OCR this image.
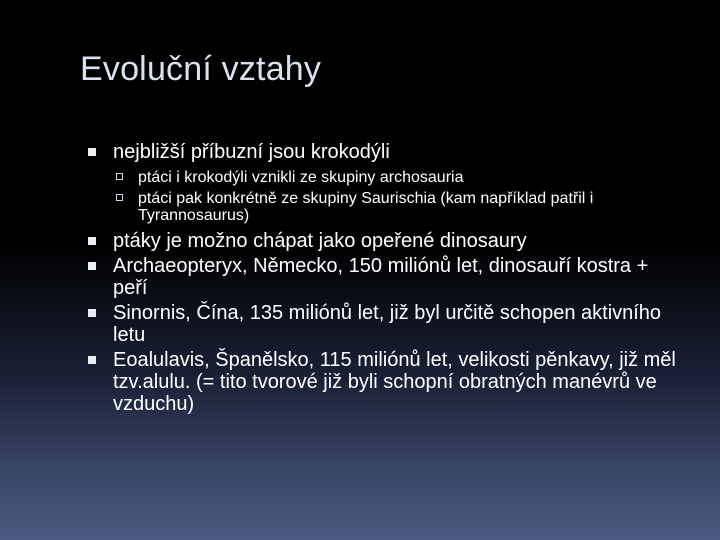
Evoluční vztahy
nejbližší příbuzní jsou krokodýli
ptáci i krokodýli vznikli ze skupiny archosauria
ptáci pak konkrétně ze skupiny Saurischia (kam například patřil i Tyrannosaurus)
ptáky je možno chápat jako opeřené dinosaury
Archaeopteryx, Německo, 150 miliónů let, dinosauří kostra + peří
Sinornis, Čína, 135 miliónů let, již byl určitě schopen aktivního letu
Eoalulavis, Španělsko, 115 miliónů let, velikosti pěnkavy, již měl tzv.alulu. (= tito tvorové již byli schopní obratných manévrů ve vzduchu)
